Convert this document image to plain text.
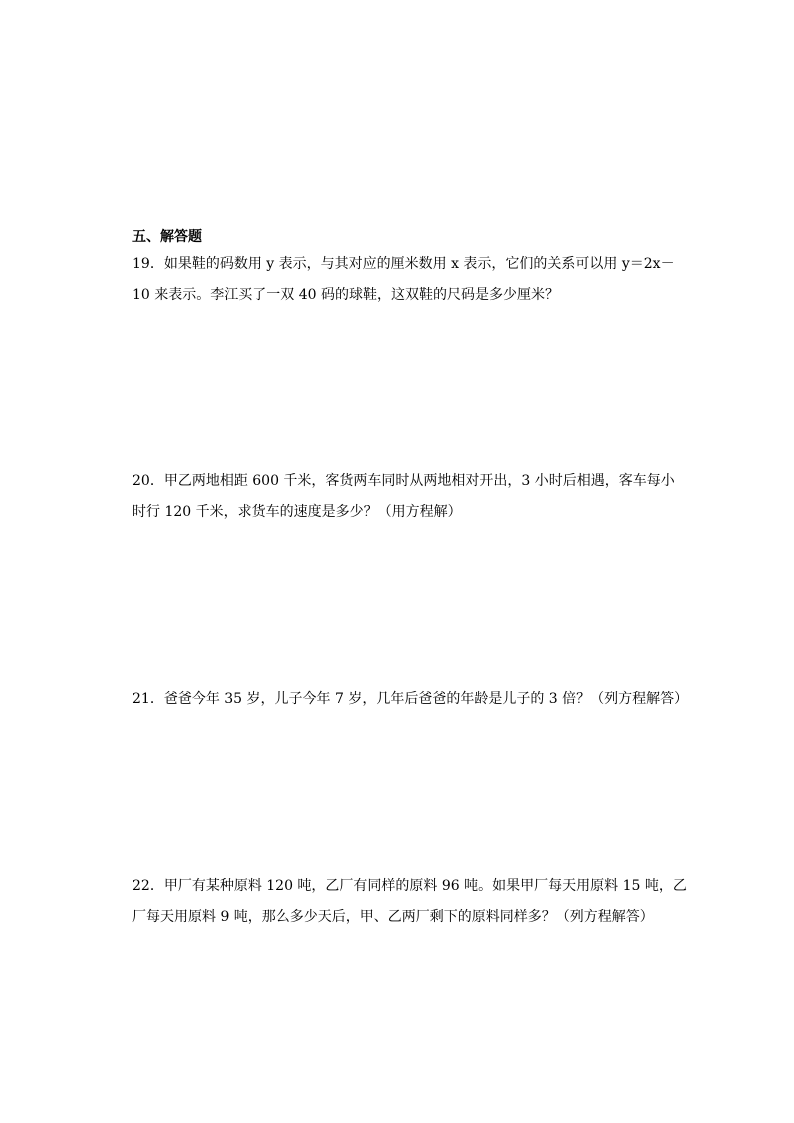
五、解答题
19．如果鞋的码数用 y 表示，与其对应的厘米数用 x 表示，它们的关系可以用 y＝2x－
10 来表示。李江买了一双 40 码的球鞋，这双鞋的尺码是多少厘米？
20．甲乙两地相距 600 千米，客货两车同时从两地相对开出，3 小时后相遇，客车每小
时行 120 千米，求货车的速度是多少？（用方程解）
21．爸爸今年 35 岁，儿子今年 7 岁，几年后爸爸的年龄是儿子的 3 倍？（列方程解答）
22．甲厂有某种原料 120 吨，乙厂有同样的原料 96 吨。如果甲厂每天用原料 15 吨，乙
厂每天用原料 9 吨，那么多少天后，甲、乙两厂剩下的原料同样多？（列方程解答）
